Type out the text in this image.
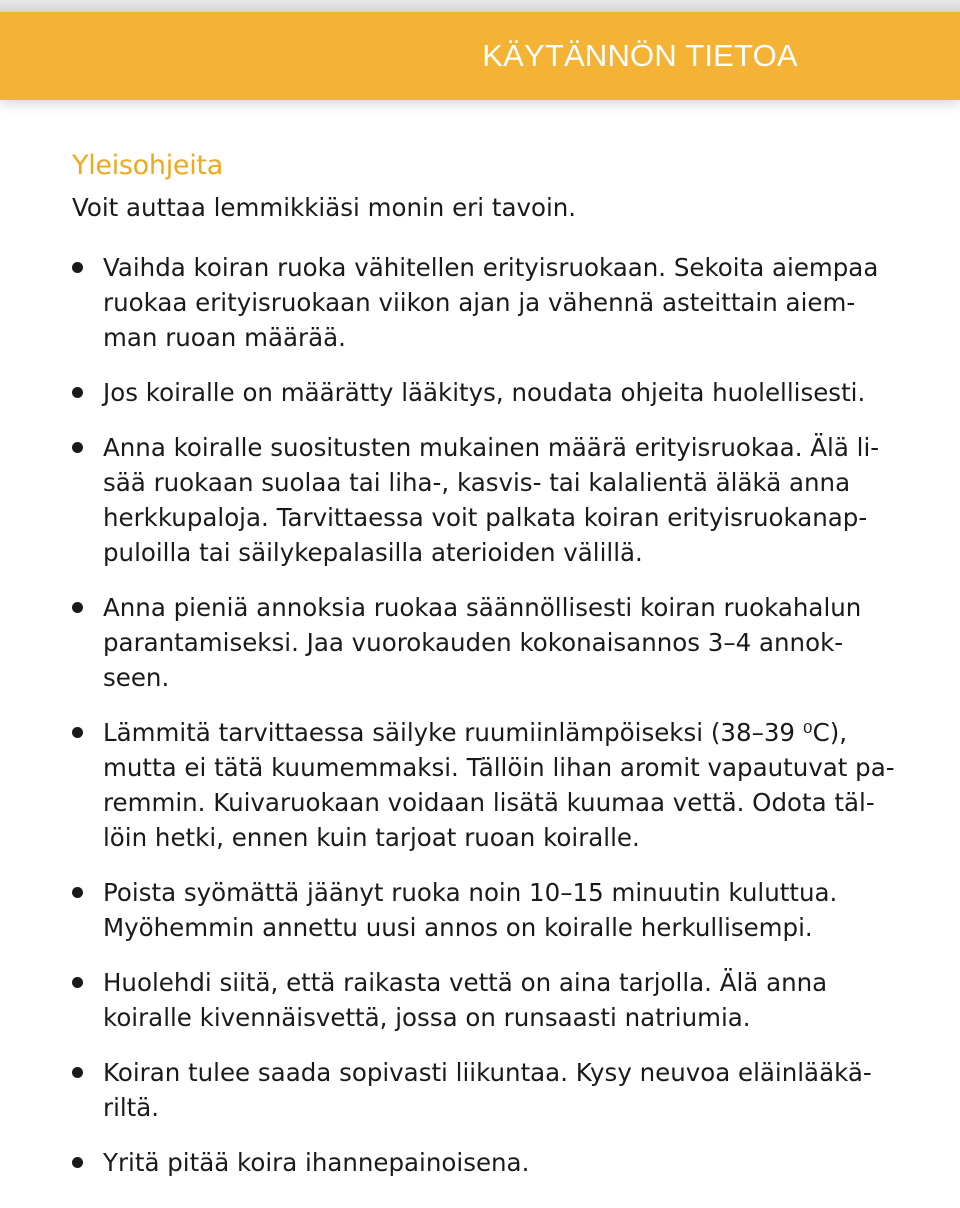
KÄYTÄNNÖN TIETOA
Yleisohjeita
Voit auttaa lemmikkiäsi monin eri tavoin.
Vaihda koiran ruoka vähitellen erityisruokaan. Sekoita aiempaa
ruokaa erityisruokaan viikon ajan ja vähennä asteittain aiem-
man ruoan määrää.
Jos koiralle on määrätty lääkitys, noudata ohjeita huolellisesti.
Anna koiralle suositusten mukainen määrä erityisruokaa. Älä li-
sää ruokaan suolaa tai liha-, kasvis- tai kalalientä äläkä anna
herkkupaloja. Tarvittaessa voit palkata koiran erityisruokanap-
puloilla tai säilykepalasilla aterioiden välillä.
Anna pieniä annoksia ruokaa säännöllisesti koiran ruokahalun
parantamiseksi. Jaa vuorokauden kokonaisannos 3–4 annok-
seen.
Lämmitä tarvittaessa säilyke ruumiinlämpöiseksi (38–39 ⁰C),
mutta ei tätä kuumemmaksi. Tällöin lihan aromit vapautuvat pa-
remmin. Kuivaruokaan voidaan lisätä kuumaa vettä. Odota täl-
löin hetki, ennen kuin tarjoat ruoan koiralle.
Poista syömättä jäänyt ruoka noin 10–15 minuutin kuluttua.
Myöhemmin annettu uusi annos on koiralle herkullisempi.
Huolehdi siitä, että raikasta vettä on aina tarjolla. Älä anna
koiralle kivennäisvettä, jossa on runsaasti natriumia.
Koiran tulee saada sopivasti liikuntaa. Kysy neuvoa eläinlääkä-
riltä.
Yritä pitää koira ihannepainoisena.
